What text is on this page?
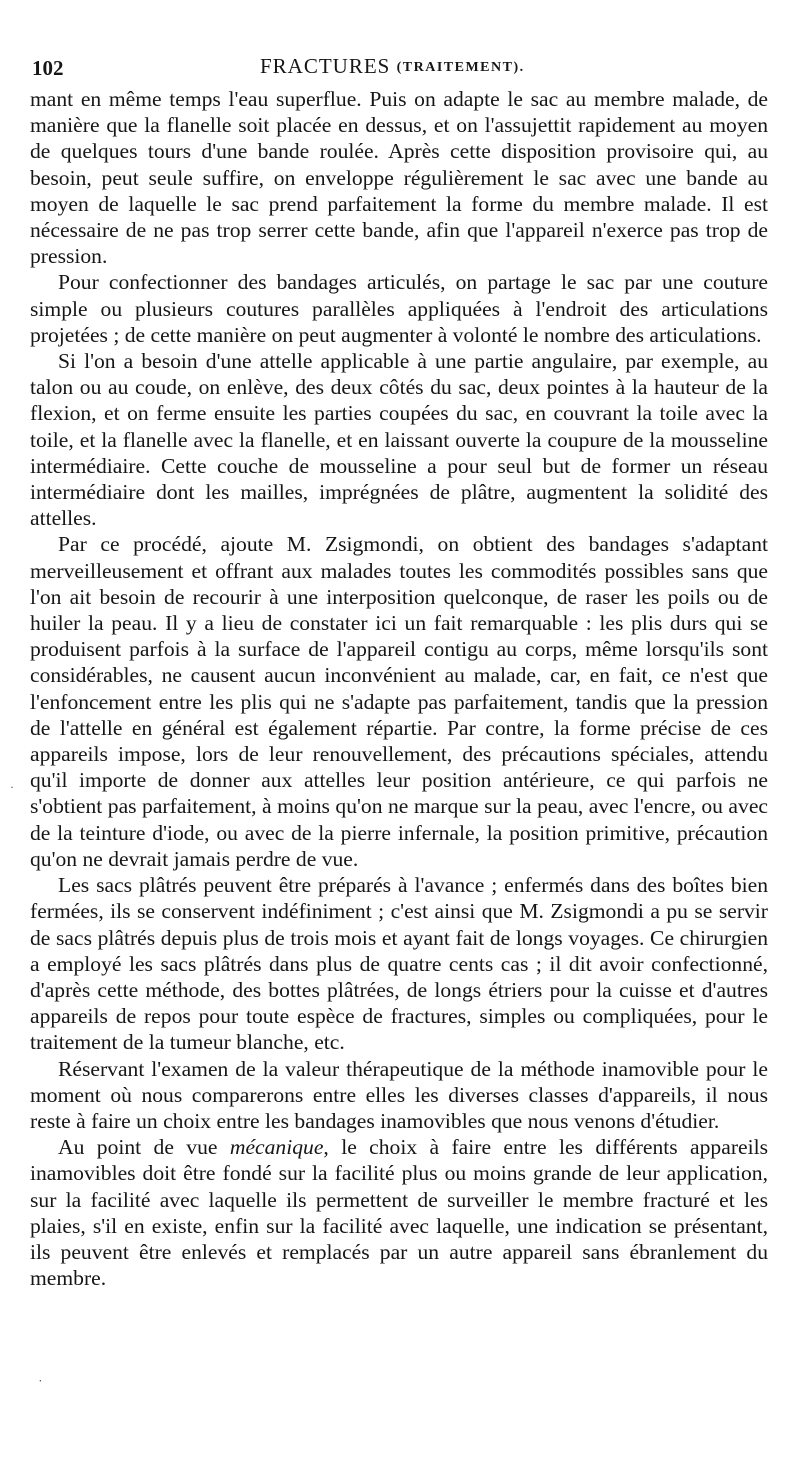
102	FRACTURES (TRAITEMENT).

mant en même temps l'eau superflue. Puis on adapte le sac au membre malade, de manière que la flanelle soit placée en dessus, et on l'assujettit rapidement au moyen de quelques tours d'une bande roulée. Après cette disposition provisoire qui, au besoin, peut seule suffire, on enveloppe régulièrement le sac avec une bande au moyen de laquelle le sac prend parfaitement la forme du membre malade. Il est nécessaire de ne pas trop serrer cette bande, afin que l'appareil n'exerce pas trop de pression.

Pour confectionner des bandages articulés, on partage le sac par une couture simple ou plusieurs coutures parallèles appliquées à l'endroit des articulations projetées ; de cette manière on peut augmenter à volonté le nombre des articulations.

Si l'on a besoin d'une attelle applicable à une partie angulaire, par exemple, au talon ou au coude, on enlève, des deux côtés du sac, deux pointes à la hauteur de la flexion, et on ferme ensuite les parties coupées du sac, en couvrant la toile avec la toile, et la flanelle avec la flanelle, et en laissant ouverte la coupure de la mousseline intermédiaire. Cette couche de mousseline a pour seul but de former un réseau intermédiaire dont les mailles, imprégnées de plâtre, augmentent la solidité des attelles.

Par ce procédé, ajoute M. Zsigmondi, on obtient des bandages s'adaptant merveilleusement et offrant aux malades toutes les commodités possibles sans que l'on ait besoin de recourir à une interposition quelconque, de raser les poils ou de huiler la peau. Il y a lieu de constater ici un fait remarquable : les plis durs qui se produisent parfois à la surface de l'appareil contigu au corps, même lorsqu'ils sont considérables, ne causent aucun inconvénient au malade, car, en fait, ce n'est que l'enfoncement entre les plis qui ne s'adapte pas parfaitement, tandis que la pression de l'attelle en général est également répartie. Par contre, la forme précise de ces appareils impose, lors de leur renouvellement, des précautions spéciales, attendu qu'il importe de donner aux attelles leur position antérieure, ce qui parfois ne s'obtient pas parfaitement, à moins qu'on ne marque sur la peau, avec l'encre, ou avec de la teinture d'iode, ou avec de la pierre infernale, la position primitive, précaution qu'on ne devrait jamais perdre de vue.

Les sacs plâtrés peuvent être préparés à l'avance ; enfermés dans des boîtes bien fermées, ils se conservent indéfiniment ; c'est ainsi que M. Zsigmondi a pu se servir de sacs plâtrés depuis plus de trois mois et ayant fait de longs voyages. Ce chirurgien a employé les sacs plâtrés dans plus de quatre cents cas ; il dit avoir confectionné, d'après cette méthode, des bottes plâtrées, de longs étriers pour la cuisse et d'autres appareils de repos pour toute espèce de fractures, simples ou compliquées, pour le traitement de la tumeur blanche, etc.

Réservant l'examen de la valeur thérapeutique de la méthode inamovible pour le moment où nous comparerons entre elles les diverses classes d'appareils, il nous reste à faire un choix entre les bandages inamovibles que nous venons d'étudier.

Au point de vue mécanique, le choix à faire entre les différents appareils inamovibles doit être fondé sur la facilité plus ou moins grande de leur application, sur la facilité avec laquelle ils permettent de surveiller le membre fracturé et les plaies, s'il en existe, enfin sur la facilité avec laquelle, une indication se présentant, ils peuvent être enlevés et remplacés par un autre appareil sans ébranlement du membre.

·
˙
